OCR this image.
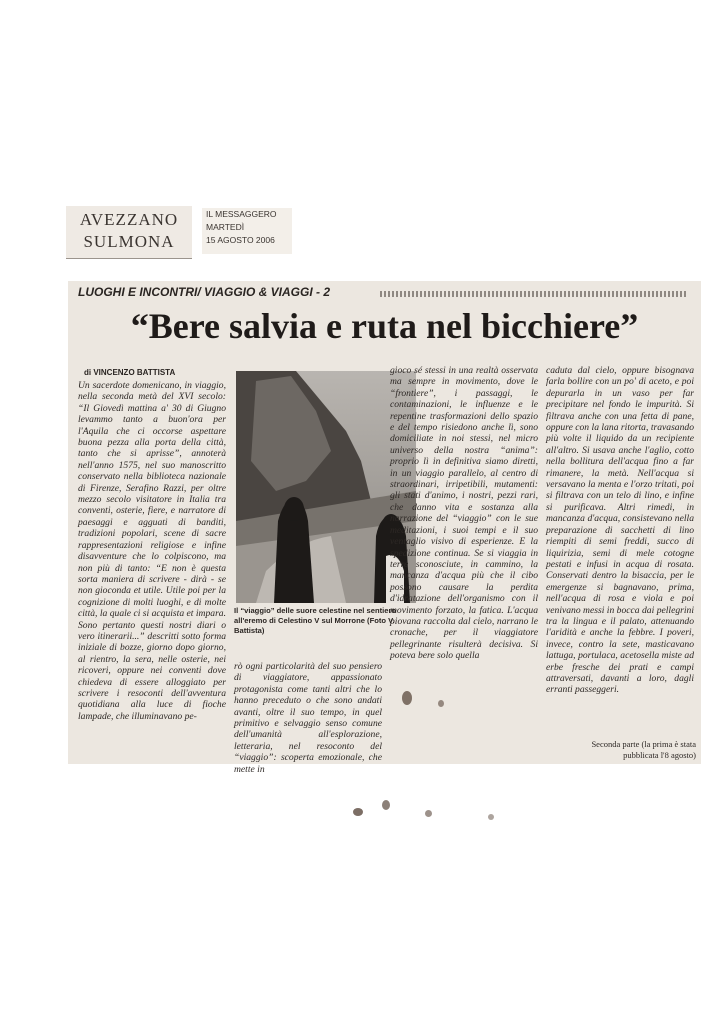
AVEZZANO
SULMONA
IL MESSAGGERO
MARTEDÌ
15 AGOSTO 2006
LUOGHI E INCONTRI/ VIAGGIO & VIAGGI - 2
“Bere salvia e ruta nel bicchiere”
di VINCENZO BATTISTA

Un sacerdote domenicano, in viaggio, nella seconda metà del XVI secolo: “Il Giovedì mattina a' 30 di Giugno levammo tanto a buon'ora per l'Aquila che ci occorse aspettare buona pezza alla porta della città, tanto che si aprisse”, annoterà nell'anno 1575, nel suo manoscritto conservato nella biblioteca nazionale di Firenze, Serafino Razzi, per oltre mezzo secolo visitatore in Italia tra conventi, osterie, fiere, e narratore di paesaggi e agguati di banditi, tradizioni popolari, scene di sacre rappresentazioni religiose e infine disavventure che lo colpiscono, ma non più di tanto: “E non è questa sorta maniera di scrivere - dirà - se non gioconda et utile. Utile poi per la cognizione di molti luoghi, e di molte città, la quale ci si acquista et impara. Sono pertanto questi nostri diari o vero itinerarii...” descritti sotto forma iniziale di bozze, giorno dopo giorno, al rientro, la sera, nelle osterie, nei ricoveri, oppure nei conventi dove chiedeva di essere alloggiato per scrivere i resoconti dell'avventura quotidiana alla luce di fioche lampade, che illuminavano pe-

Il “viaggio” delle suore celestine nel sentiero all'eremo di Celestino V sul Morrone (Foto V. Battista)

rò ogni particolarità del suo pensiero di viaggiatore, appassionato protagonista come tanti altri che lo hanno preceduto o che sono andati avanti, oltre il suo tempo, in quel primitivo e selvaggio senso comune dell'umanità all'esplorazione, letteraria, nel resoconto del “viaggio”: scoperta emozionale, che mette in

gioco sé stessi in una realtà osservata ma sempre in movimento, dove le “frontiere”, i passaggi, le contaminazioni, le influenze e le repentine trasformazioni dello spazio e del tempo risiedono anche lì, sono domiciliate in noi stessi, nel micro universo della nostra “anima”: proprio lì in definitiva siamo diretti, in un viaggio parallelo, al centro di straordinari, irripetibili, mutamenti: gli stati d'animo, i nostri, pezzi rari, che danno vita e sostanza alla narrazione del “viaggio” con le sue meditazioni, i suoi tempi e il suo ventaglio visivo di esperienze. E la spedizione continua. Se si viaggia in terre sconosciute, in cammino, la mancanza d'acqua più che il cibo possono causare la perdita d'idratazione dell'organismo con il movimento forzato, la fatica. L'acqua piovana raccolta dal cielo, narrano le cronache, per il viaggiatore pellegrinante risulterà decisiva. Si poteva bere solo quella

caduta dal cielo, oppure bisognava farla bollire con un po' di aceto, e poi depurarla in un vaso per far precipitare nel fondo le impurità. Si filtrava anche con una fetta di pane, oppure con la lana ritorta, travasando più volte il liquido da un recipiente all'altro. Si usava anche l'aglio, cotto nella bollitura dell'acqua fino a far rimanere, la metà. Nell'acqua si versavano la menta e l'orzo tritati, poi si filtrava con un telo di lino, e infine si purificava. Altri rimedi, in mancanza d'acqua, consistevano nella preparazione di sacchetti di lino riempiti di semi freddi, succo di liquirizia, semi di mele cotogne pestati e infusi in acqua di rosata. Conservati dentro la bisaccia, per le emergenze si bagnavano, prima, nell'acqua di rosa e viola e poi venivano messi in bocca dai pellegrini tra la lingua e il palato, attenuando l'aridità e anche la febbre. I poveri, invece, contro la sete, masticavano lattuga, portulaca, acetosella miste ad erbe fresche dei prati e campi attraversati, davanti a loro, dagli erranti passeggeri.

Seconda parte (la prima è stata pubblicata l'8 agosto)
